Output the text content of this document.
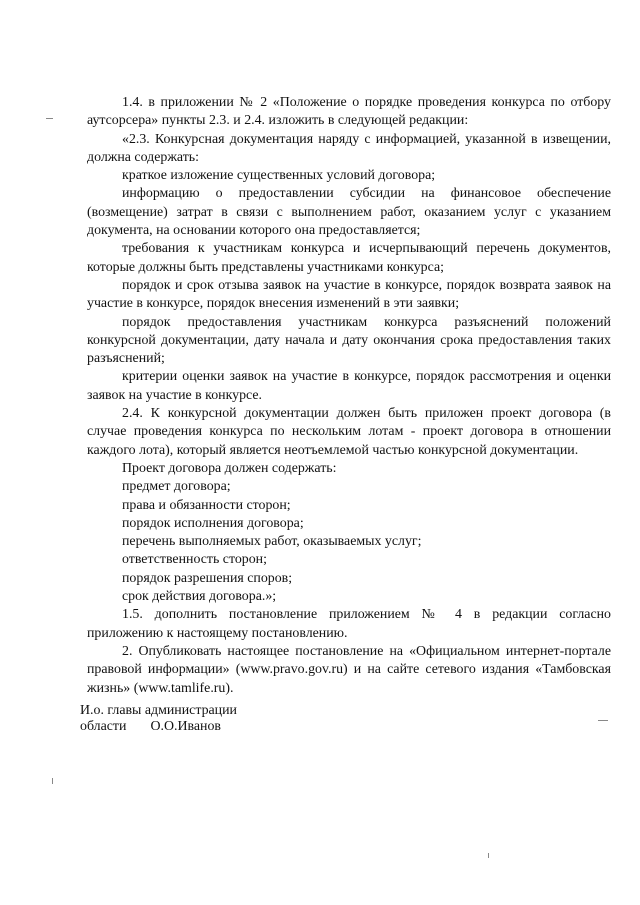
1.4. в приложении № 2 «Положение о порядке проведения конкурса по отбору аутсорсера» пункты 2.3. и 2.4. изложить в следующей редакции:

«2.3. Конкурсная документация наряду с информацией, указанной в извещении, должна содержать:

краткое изложение существенных условий договора;

информацию о предоставлении субсидии на финансовое обеспечение (возмещение) затрат в связи с выполнением работ, оказанием услуг с указанием документа, на основании которого она предоставляется;

требования к участникам конкурса и исчерпывающий перечень документов, которые должны быть представлены участниками конкурса;

порядок и срок отзыва заявок на участие в конкурсе, порядок возврата заявок на участие в конкурсе, порядок внесения изменений в эти заявки;

порядок предоставления участникам конкурса разъяснений положений конкурсной документации, дату начала и дату окончания срока предоставления таких разъяснений;

критерии оценки заявок на участие в конкурсе, порядок рассмотрения и оценки заявок на участие в конкурсе.

2.4. К конкурсной документации должен быть приложен проект договора (в случае проведения конкурса по нескольким лотам - проект договора в отношении каждого лота), который является неотъемлемой частью конкурсной документации.

Проект договора должен содержать:

предмет договора;

права и обязанности сторон;

порядок исполнения договора;

перечень выполняемых работ, оказываемых услуг;

ответственность сторон;

порядок разрешения споров;

срок действия договора.»;

1.5. дополнить постановление приложением № 4 в редакции согласно приложению к настоящему постановлению.

2. Опубликовать настоящее постановление на «Официальном интернет-портале правовой информации» (www.pravo.gov.ru) и на сайте сетевого издания «Тамбовская жизнь» (www.tamlife.ru).

И.о. главы администрации
области О.О.Иванов
